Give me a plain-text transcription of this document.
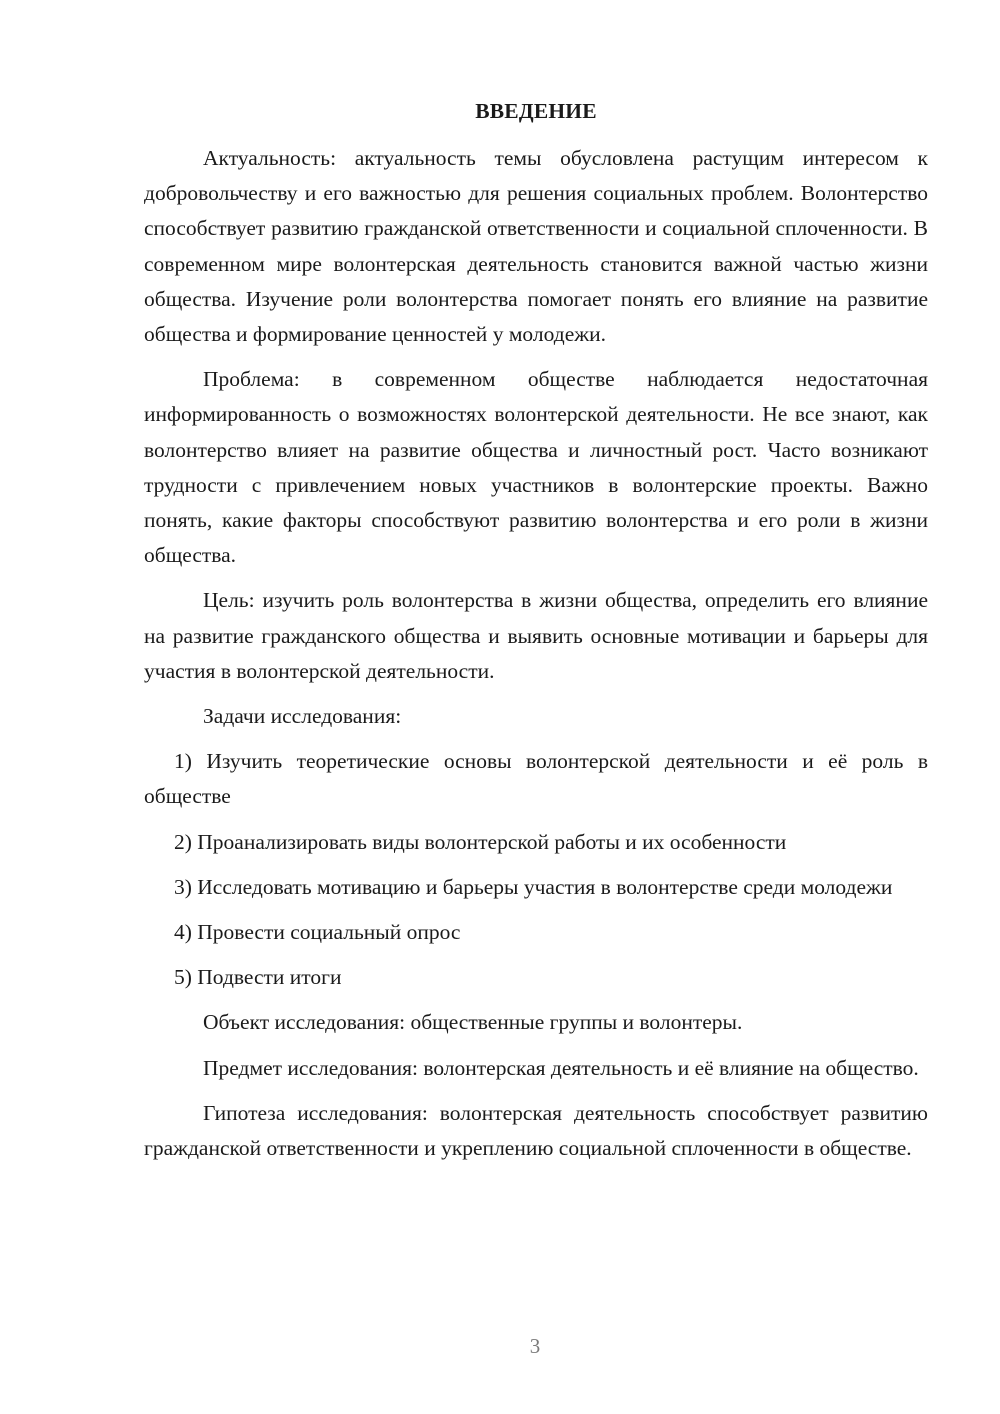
ВВЕДЕНИЕ

Актуальность: актуальность темы обусловлена растущим интересом к добровольчеству и его важностью для решения социальных проблем. Волонтерство способствует развитию гражданской ответственности и социальной сплоченности. В современном мире волонтерская деятельность становится важной частью жизни общества. Изучение роли волонтерства помогает понять его влияние на развитие общества и формирование ценностей у молодежи.

Проблема: в современном обществе наблюдается недостаточная информированность о возможностях волонтерской деятельности. Не все знают, как волонтерство влияет на развитие общества и личностный рост. Часто возникают трудности с привлечением новых участников в волонтерские проекты. Важно понять, какие факторы способствуют развитию волонтерства и его роли в жизни общества.

Цель: изучить роль волонтерства в жизни общества, определить его влияние на развитие гражданского общества и выявить основные мотивации и барьеры для участия в волонтерской деятельности.

Задачи исследования:

1) Изучить теоретические основы волонтерской деятельности и её роль в обществе

2) Проанализировать виды волонтерской работы и их особенности

3) Исследовать мотивацию и барьеры участия в волонтерстве среди молодежи

4) Провести социальный опрос

5) Подвести итоги

Объект исследования: общественные группы и волонтеры.

Предмет исследования: волонтерская деятельность и её влияние на общество.

Гипотеза исследования: волонтерская деятельность способствует развитию гражданской ответственности и укреплению социальной сплоченности в обществе.

3
